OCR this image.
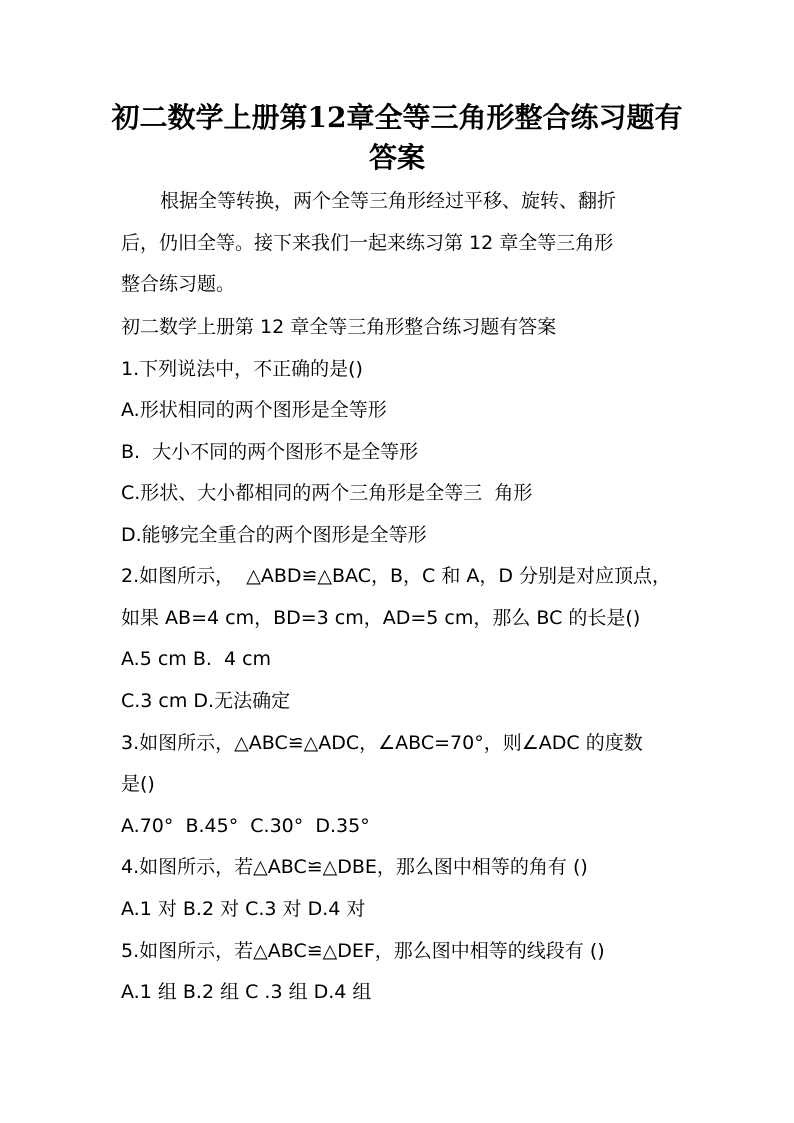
初二数学上册第12章全等三角形整合练习题有
答案

根据全等转换，两个全等三角形经过平移、旋转、翻折

后，仍旧全等。接下来我们一起来练习第 12 章全等三角形

整合练习题。

初二数学上册第 12 章全等三角形整合练习题有答案

1.下列说法中，不正确的是()

A.形状相同的两个图形是全等形

B.  大小不同的两个图形不是全等形

C.形状、大小都相同的两个三角形是全等三  角形

D.能够完全重合的两个图形是全等形

2.如图所示，  △ABD≌△BAC，B，C 和 A，D 分别是对应顶点，

如果 AB=4 cm，BD=3 cm，AD=5 cm，那么 BC 的长是()

A.5 cm B.  4 cm

C.3 cm D.无法确定

3.如图所示，△ABC≌△ADC，∠ABC=70°，则∠ADC 的度数

是()

A.70°  B.45°  C.30°  D.35°

4.如图所示，若△ABC≌△DBE，那么图中相等的角有 ()

A.1 对 B.2 对 C.3 对 D.4 对

5.如图所示，若△ABC≌△DEF，那么图中相等的线段有 ()

A.1 组 B.2 组 C .3 组 D.4 组
